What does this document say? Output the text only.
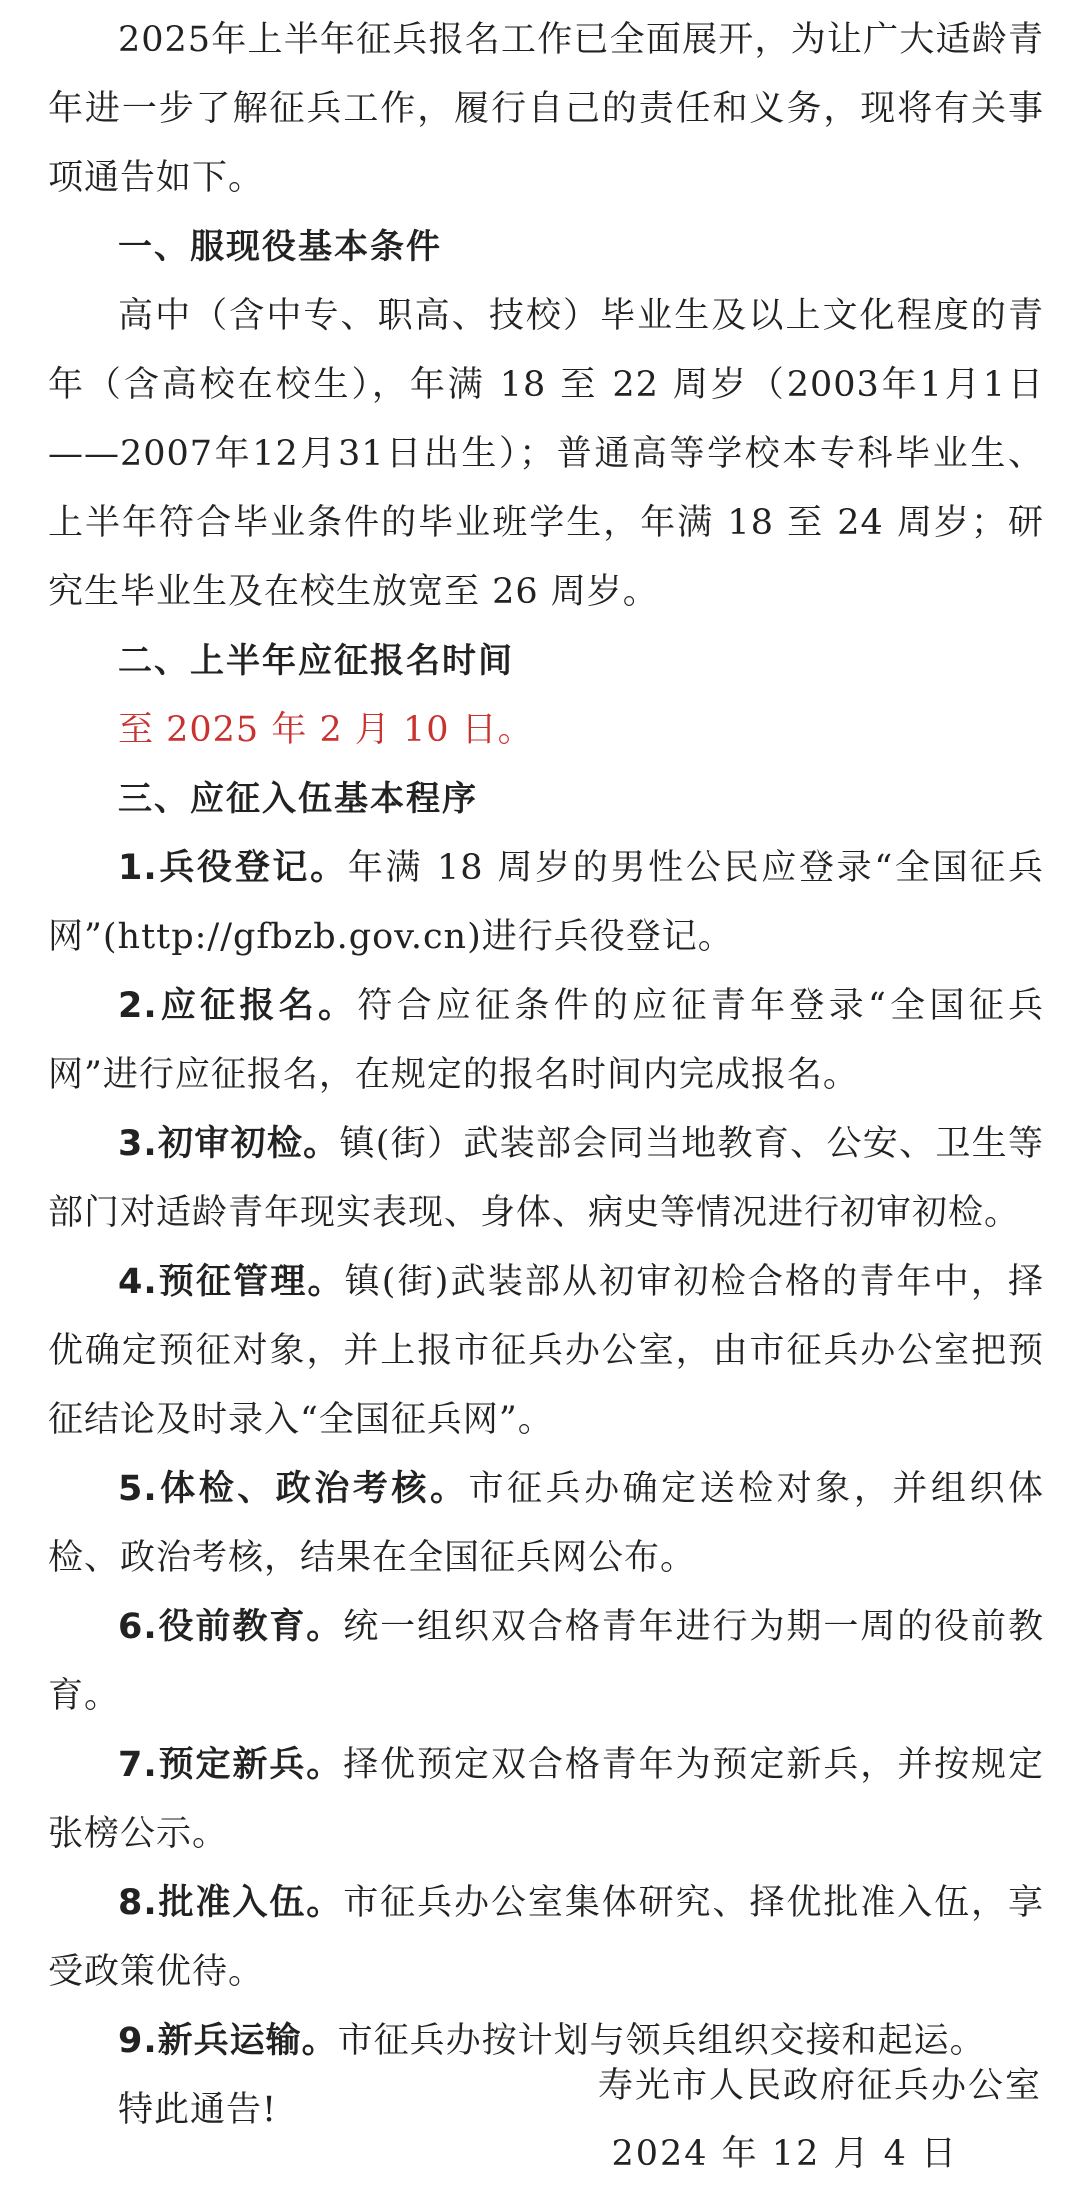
2025年上半年征兵报名工作已全面展开，为让广大适龄青年进一步了解征兵工作，履行自己的责任和义务，现将有关事项通告如下。

一、服现役基本条件

高中（含中专、职高、技校）毕业生及以上文化程度的青年（含高校在校生），年满 18 至 22 周岁（2003年1月1日——2007年12月31日出生）；普通高等学校本专科毕业生、上半年符合毕业条件的毕业班学生，年满 18 至 24 周岁；研究生毕业生及在校生放宽至 26 周岁。

二、上半年应征报名时间

至 2025 年 2 月 10 日。

三、应征入伍基本程序

1.兵役登记。年满 18 周岁的男性公民应登录“全国征兵网”(http://gfbzb.gov.cn)进行兵役登记。

2.应征报名。符合应征条件的应征青年登录“全国征兵网”进行应征报名，在规定的报名时间内完成报名。

3.初审初检。镇(街）武装部会同当地教育、公安、卫生等部门对适龄青年现实表现、身体、病史等情况进行初审初检。

4.预征管理。镇(街)武装部从初审初检合格的青年中，择优确定预征对象，并上报市征兵办公室，由市征兵办公室把预征结论及时录入“全国征兵网”。

5.体检、政治考核。市征兵办确定送检对象，并组织体检、政治考核，结果在全国征兵网公布。

6.役前教育。统一组织双合格青年进行为期一周的役前教育。

7.预定新兵。择优预定双合格青年为预定新兵，并按规定张榜公示。

8.批准入伍。市征兵办公室集体研究、择优批准入伍，享受政策优待。

9.新兵运输。市征兵办按计划与领兵组织交接和起运。

特此通告!

寿光市人民政府征兵办公室

2024 年 12 月 4 日
